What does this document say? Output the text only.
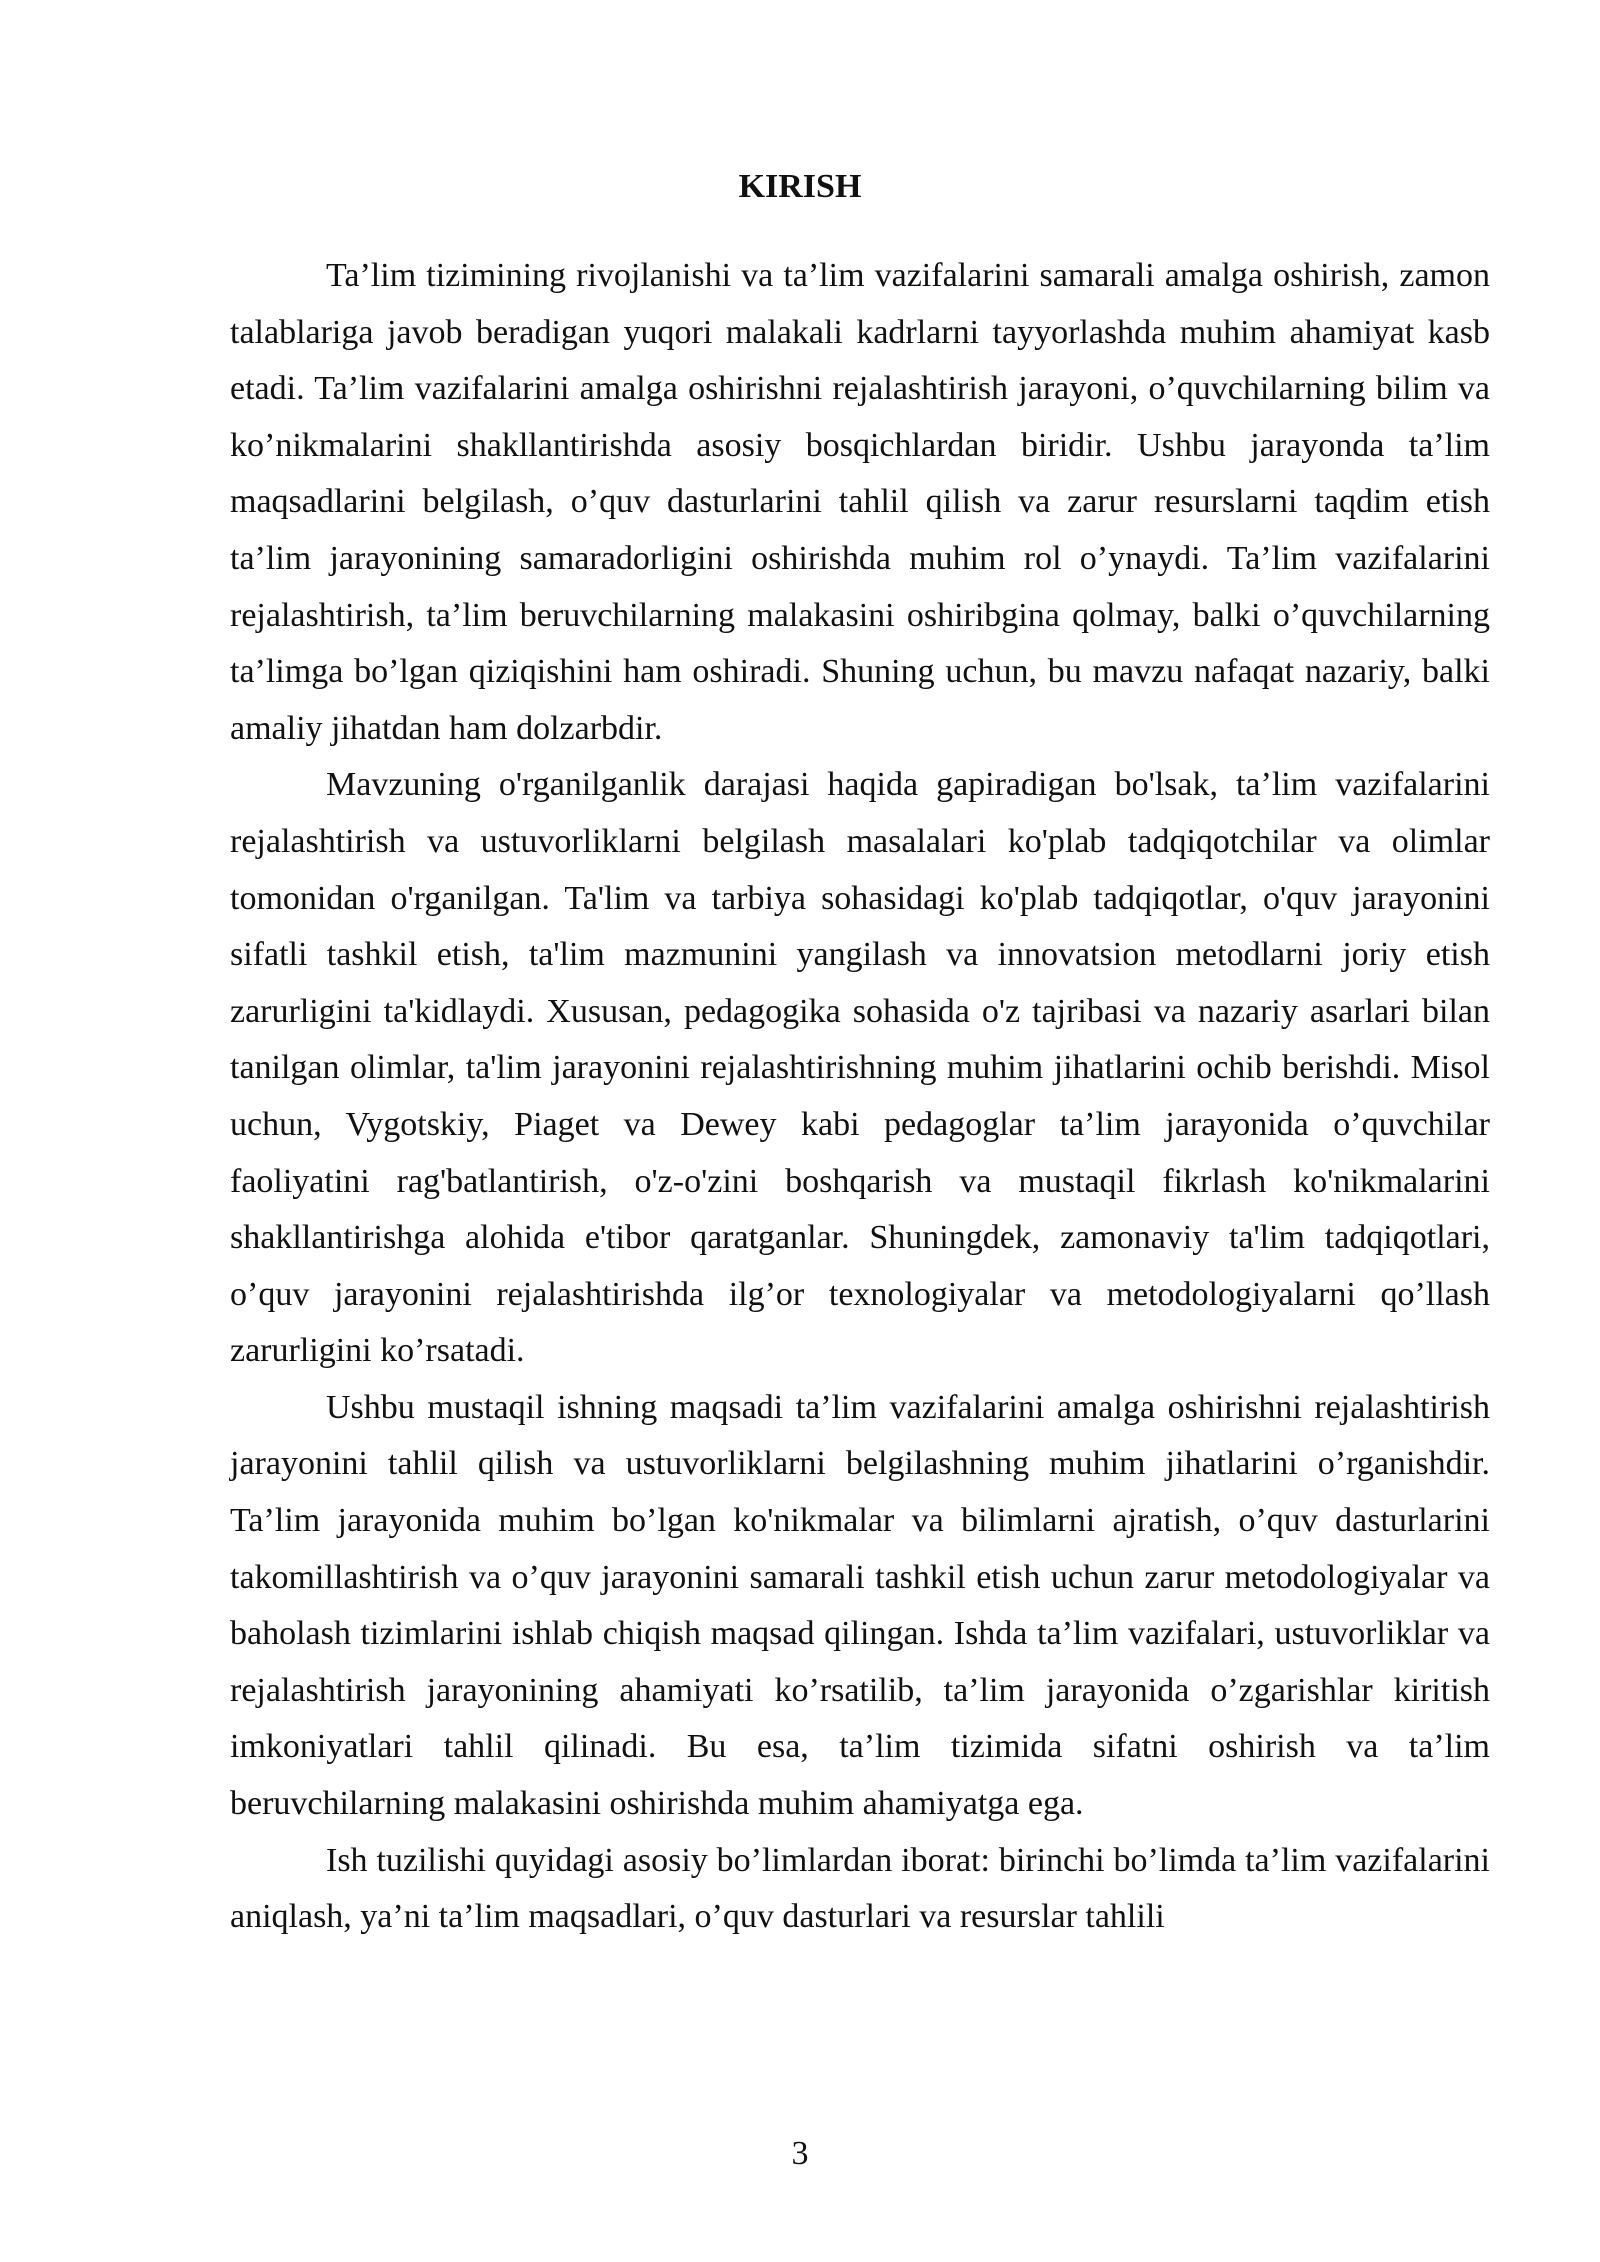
KIRISH

Ta’lim tizimining rivojlanishi va ta’lim vazifalarini samarali amalga oshirish, zamon talablariga javob beradigan yuqori malakali kadrlarni tayyorlashda muhim ahamiyat kasb etadi. Ta’lim vazifalarini amalga oshirishni rejalashtirish jarayoni, o’quvchilarning bilim va ko’nikmalarini shakllantirishda asosiy bosqichlardan biridir. Ushbu jarayonda ta’lim maqsadlarini belgilash, o’quv dasturlarini tahlil qilish va zarur resurslarni taqdim etish ta’lim jarayonining samaradorligini oshirishda muhim rol o’ynaydi. Ta’lim vazifalarini rejalashtirish, ta’lim beruvchilarning malakasini oshiribgina qolmay, balki o’quvchilarning ta’limga bo’lgan qiziqishini ham oshiradi. Shuning uchun, bu mavzu nafaqat nazariy, balki amaliy jihatdan ham dolzarbdir.

Mavzuning o'rganilganlik darajasi haqida gapiradigan bo'lsak, ta’lim vazifalarini rejalashtirish va ustuvorliklarni belgilash masalalari ko'plab tadqiqotchilar va olimlar tomonidan o'rganilgan. Ta'lim va tarbiya sohasidagi ko'plab tadqiqotlar, o'quv jarayonini sifatli tashkil etish, ta'lim mazmunini yangilash va innovatsion metodlarni joriy etish zarurligini ta'kidlaydi. Xususan, pedagogika sohasida o'z tajribasi va nazariy asarlari bilan tanilgan olimlar, ta'lim jarayonini rejalashtirishning muhim jihatlarini ochib berishdi. Misol uchun, Vygotskiy, Piaget va Dewey kabi pedagoglar ta’lim jarayonida o’quvchilar faoliyatini rag'batlantirish, o'z-o'zini boshqarish va mustaqil fikrlash ko'nikmalarini shakllantirishga alohida e'tibor qaratganlar. Shuningdek, zamonaviy ta'lim tadqiqotlari, o’quv jarayonini rejalashtirishda ilg’or texnologiyalar va metodologiyalarni qo’llash zarurligini ko’rsatadi.

Ushbu mustaqil ishning maqsadi ta’lim vazifalarini amalga oshirishni rejalashtirish jarayonini tahlil qilish va ustuvorliklarni belgilashning muhim jihatlarini o’rganishdir. Ta’lim jarayonida muhim bo’lgan ko'nikmalar va bilimlarni ajratish, o’quv dasturlarini takomillashtirish va o’quv jarayonini samarali tashkil etish uchun zarur metodologiyalar va baholash tizimlarini ishlab chiqish maqsad qilingan. Ishda ta’lim vazifalari, ustuvorliklar va rejalashtirish jarayonining ahamiyati ko’rsatilib, ta’lim jarayonida o’zgarishlar kiritish imkoniyatlari tahlil qilinadi. Bu esa, ta’lim tizimida sifatni oshirish va ta’lim beruvchilarning malakasini oshirishda muhim ahamiyatga ega.

Ish tuzilishi quyidagi asosiy bo’limlardan iborat: birinchi bo’limda ta’lim vazifalarini aniqlash, ya’ni ta’lim maqsadlari, o’quv dasturlari va resurslar tahlili

3
